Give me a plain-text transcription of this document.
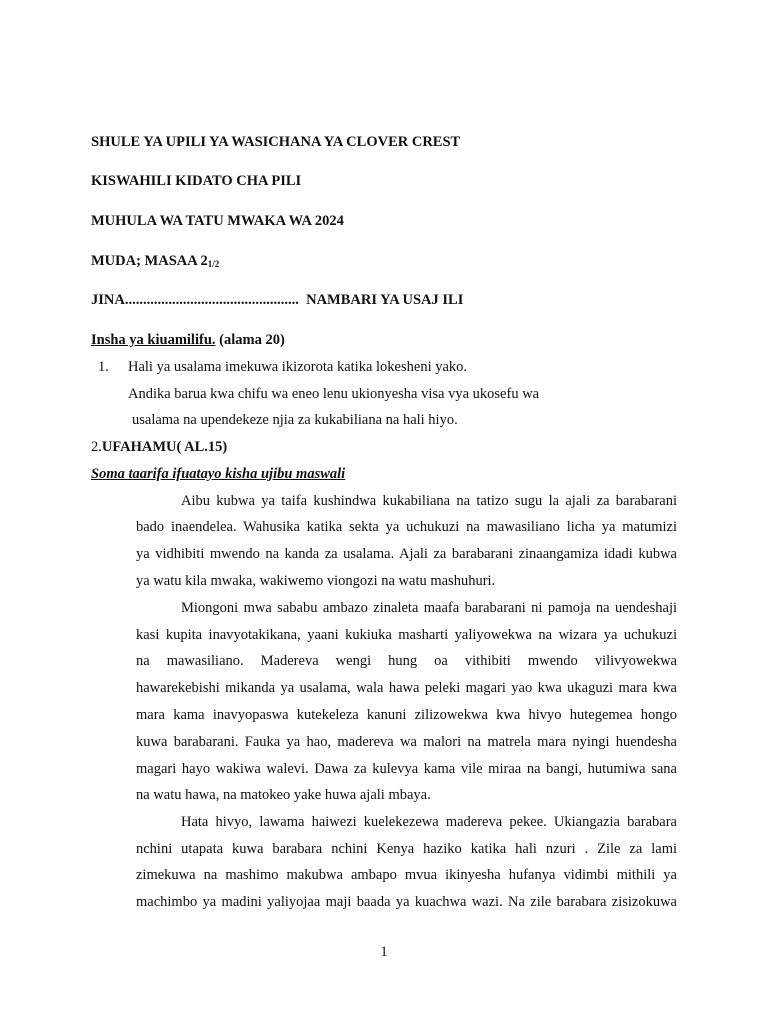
SHULE YA UPILI YA WASICHANA YA CLOVER CREST
KISWAHILI KIDATO CHA PILI
MUHULA WA TATU MWAKA WA 2024
MUDA; MASAA $2_{1/2}$
JINA................................................ NAMBARI YA USAJ ILI
Insha ya kiuamilifu. (alama 20)
1. Hali ya usalama imekuwa ikizorota katika lokesheni yako.
Andika barua kwa chifu wa eneo lenu ukionyesha visa vya ukosefu wa
usalama na upendekeze njia za kukabiliana na hali hiyo.
2.UFAHAMU( AL.15)
Soma taarifa ifuatayo kisha ujibu maswali
Aibu kubwa ya taifa kushindwa kukabiliana na tatizo sugu la ajali za barabarani
bado inaendelea. Wahusika katika sekta ya uchukuzi na mawasiliano licha ya matumizi
ya vidhibiti mwendo na kanda za usalama. Ajali za barabarani zinaangamiza idadi kubwa
ya watu kila mwaka, wakiwemo viongozi na watu mashuhuri.
Miongoni mwa sababu ambazo zinaleta maafa barabarani ni pamoja na uendeshaji
kasi kupita inavyotakikana, yaani kukiuka masharti yaliyowekwa na wizara ya uchukuzi
na mawasiliano. Madereva wengi hung oa vithibiti mwendo vilivyowekwa
hawarekebishi mikanda ya usalama, wala hawa peleki magari yao kwa ukaguzi mara kwa
mara kama inavyopaswa kutekeleza kanuni zilizowekwa kwa hivyo hutegemea hongo
kuwa barabarani. Fauka ya hao, madereva wa malori na matrela mara nyingi huendesha
magari hayo wakiwa walevi. Dawa za kulevya kama vile miraa na bangi, hutumiwa sana
na watu hawa, na matokeo yake huwa ajali mbaya.
Hata hivyo, lawama haiwezi kuelekezewa madereva pekee. Ukiangazia barabara
nchini utapata kuwa barabara nchini Kenya haziko katika hali nzuri . Zile za lami
zimekuwa na mashimo makubwa ambapo mvua ikinyesha hufanya vidimbi mithili ya
machimbo ya madini yaliyojaa maji baada ya kuachwa wazi. Na zile barabara zisizokuwa
1
